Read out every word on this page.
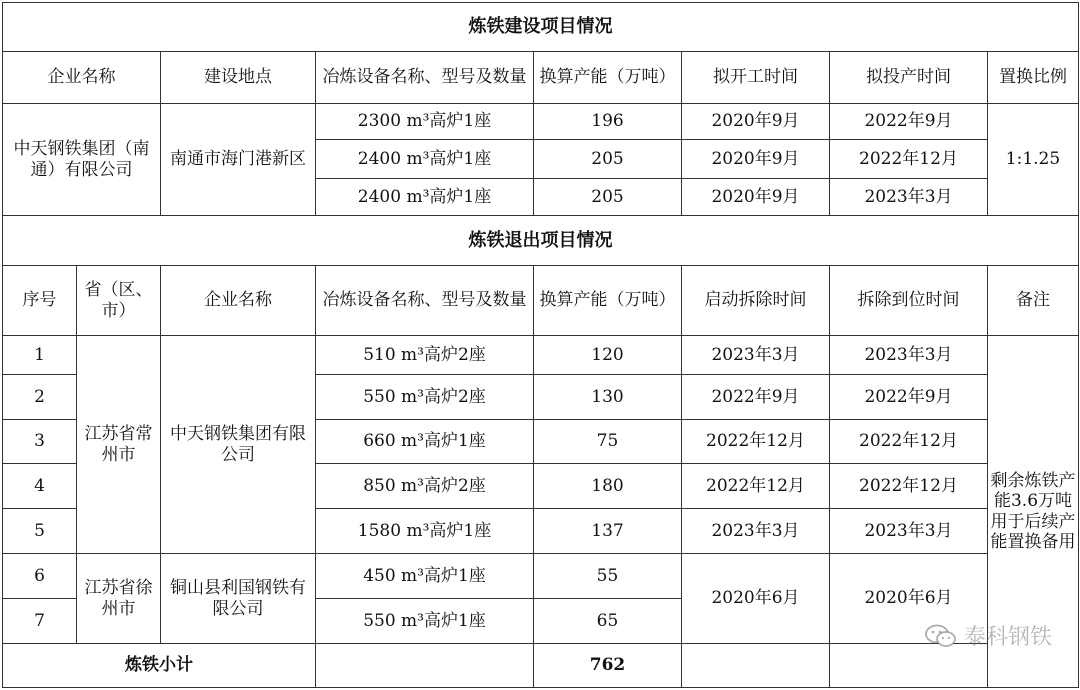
炼铁建设项目情况						
企业名称	建设地点	冶炼设备名称、型号及数量	换算产能（万吨）	拟开工时间	拟投产时间	置换比例
中天钢铁集团（南通）有限公司	南通市海门港新区	2300 m³高炉1座	196	2020年9月	2022年9月	1:1.25
		2400 m³高炉1座	205	2020年9月	2022年12月	
		2400 m³高炉1座	205	2020年9月	2023年3月	
炼铁退出项目情况							
序号	省（区、市）	企业名称	冶炼设备名称、型号及数量	换算产能（万吨）	启动拆除时间	拆除到位时间	备注
1	江苏省常州市	中天钢铁集团有限公司	510 m³高炉2座	120	2023年3月	2023年3月	剩余炼铁产能3.6万吨用于后续产能置换备用
2			550 m³高炉2座	130	2022年9月	2022年9月	
3			660 m³高炉1座	75	2022年12月	2022年12月	
4			850 m³高炉2座	180	2022年12月	2022年12月	
5			1580 m³高炉1座	137	2023年3月	2023年3月	
6	江苏省徐州市	铜山县利国钢铁有限公司	450 m³高炉1座	55	2020年6月	2020年6月	
7			550 m³高炉1座	65			
炼铁小计				762			
泰科钢铁
